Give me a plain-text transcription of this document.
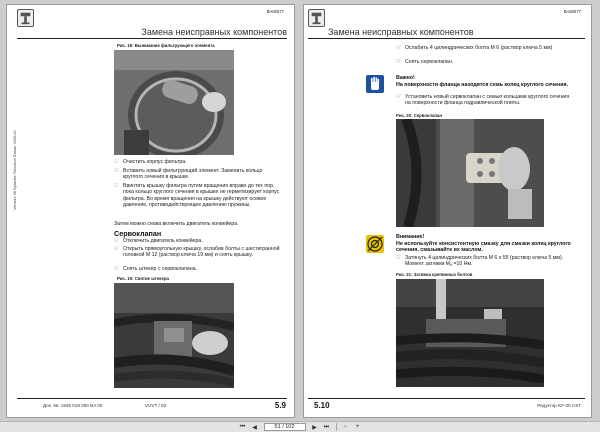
BA82577
Замена неисправных компонентов
Version: 06 Sprache: Russisch Datum: 2006-01
Рис. 18: Вынимание фильтрующего элемента
☞ Очистить корпус фильтра.
☞ Вставить новый фильтрующий элемент. Заменить кольцо круглого сечения в крышке.
☞ Ввинтить крышку фильтра путем вращения вправо до тех пор, пока кольцо круглого сечения в крышке не герметизирует корпус фильтра. Во время вращения на крышку действуют осевое давление, противодействующее давлению пружины.
Затем можно снова включить двигатель конвейера.
Сервоклапан
☞ Отключить двигатель конвейера.
☞ Открыть прямоугольную крышку, ослабив болты с шестигранной головкой M 12 (раствор ключа 19 мм) и снять крышку.
☞ Снять штекер с сервоклапана.
Рис. 19: Снятие штекера
Док. №: 1949 019 000 BA 00	VUVT / 03	5.9
BA82577
Замена неисправных компонентов
☞ Ослабить 4 цилиндрических болта M 6 (раствор ключа 5 мм)
☞ Снять сервоклапан.
Важно!
На поверхности фланца находятся семь колец круглого сечения.
☞ Установить новый сервоклапан с семью кольцами круглого сечения на поверхности фланца гидравлической плиты.
Рис. 20: Сервоклапан
Внимание!
Не используйте консистентную смазку для смазки колец круглого сечения, смазывайте их маслом.
☞ Затянуть 4 цилиндрических болта M 6 x 55 (раствор ключа 5 мм). Момент затяжки Mₐ =10 Нм.
Рис. 21: Затяжка крепежных болтов
5.10	Редуктор KF-30 CST
⏮	◀	51 / 102	▶	⏭	−	+
